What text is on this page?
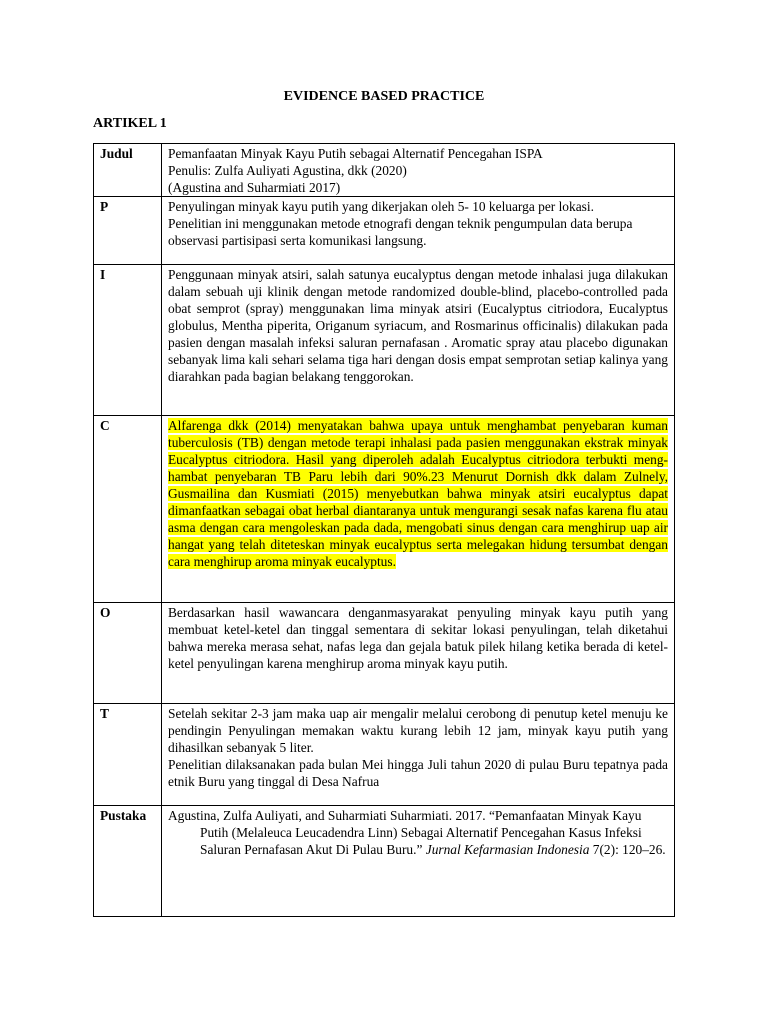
EVIDENCE BASED PRACTICE
ARTIKEL 1
Judul	Pemanfaatan Minyak Kayu Putih sebagai Alternatif Pencegahan ISPA
Penulis: Zulfa Auliyati Agustina, dkk (2020)
(Agustina and Suharmiati 2017)

P	Penyulingan minyak kayu putih yang dikerjakan oleh 5- 10 keluarga per lokasi.
Penelitian ini menggunakan metode etnografi dengan teknik pengumpulan data berupa observasi partisipasi serta komunikasi langsung.

I	Penggunaan minyak atsiri, salah satunya eucalyptus dengan metode inhalasi juga dilakukan dalam sebuah uji klinik dengan metode randomized double-blind, placebo-controlled pada obat semprot (spray) menggunakan lima minyak atsiri (Eucalyptus citriodora, Eucalyptus globulus, Mentha piperita, Origanum syriacum, and Rosmarinus officinalis) dilakukan pada pasien dengan masalah infeksi saluran pernafasan . Aromatic spray atau placebo digunakan sebanyak lima kali sehari selama tiga hari dengan dosis empat semprotan setiap kalinya yang diarahkan pada bagian belakang tenggorokan.
C	Alfarenga dkk (2014) menyatakan bahwa upaya untuk menghambat penyebaran kuman tuberculosis (TB) dengan metode terapi inhalasi pada pasien menggunakan ekstrak minyak Eucalyptus citriodora. Hasil yang diperoleh adalah Eucalyptus citriodora terbukti meng- hambat penyebaran TB Paru lebih dari 90%.23 Menurut Dornish dkk dalam Zulnely, Gusmailina dan Kusmiati (2015) menyebutkan bahwa minyak atsiri eucalyptus dapat dimanfaatkan sebagai obat herbal diantaranya untuk mengurangi sesak nafas karena flu atau asma dengan cara mengoleskan pada dada, mengobati sinus dengan cara menghirup uap air hangat yang telah diteteskan minyak eucalyptus serta melegakan hidung tersumbat dengan cara menghirup aroma minyak eucalyptus.
O	Berdasarkan hasil wawancara denganmasyarakat penyuling minyak kayu putih yang membuat ketel-ketel dan tinggal sementara di sekitar lokasi penyulingan, telah diketahui bahwa mereka merasa sehat, nafas lega dan gejala batuk pilek hilang ketika berada di ketel-ketel penyulingan karena menghirup aroma minyak kayu putih.
T	Setelah sekitar 2-3 jam maka uap air mengalir melalui cerobong di penutup ketel menuju ke pendingin Penyulingan memakan waktu kurang lebih 12 jam, minyak kayu putih yang dihasilkan sebanyak 5 liter.
Penelitian dilaksanakan pada bulan Mei hingga Juli tahun 2020 di pulau Buru tepatnya pada etnik Buru yang tinggal di Desa Nafrua

Pustaka	Agustina, Zulfa Auliyati, and Suharmiati Suharmiati. 2017. “Pemanfaatan Minyak Kayu Putih (Melaleuca Leucadendra Linn) Sebagai Alternatif Pencegahan Kasus Infeksi Saluran Pernafasan Akut Di Pulau Buru.” Jurnal Kefarmasian Indonesia 7(2): 120–26.
